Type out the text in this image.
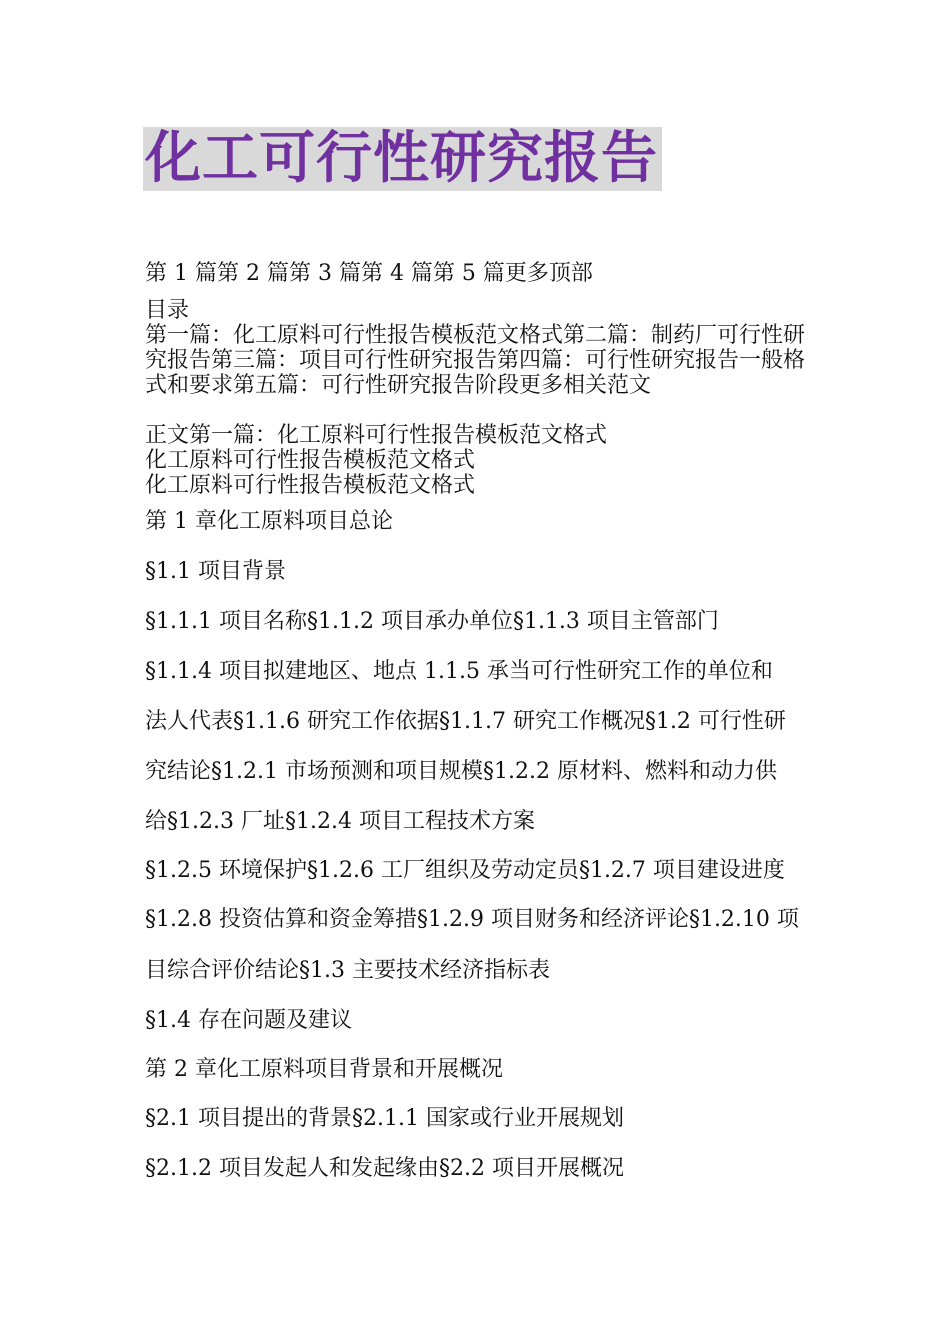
化工可行性研究报告
第 1 篇第 2 篇第 3 篇第 4 篇第 5 篇更多顶部
目录
第一篇：化工原料可行性报告模板范文格式第二篇：制药厂可行性研究报告第三篇：项目可行性研究报告第四篇：可行性研究报告一般格式和要求第五篇：可行性研究报告阶段更多相关范文
正文第一篇：化工原料可行性报告模板范文格式
化工原料可行性报告模板范文格式
化工原料可行性报告模板范文格式
第 1 章化工原料项目总论
§1.1 项目背景
§1.1.1 项目名称§1.1.2 项目承办单位§1.1.3 项目主管部门
§1.1.4 项目拟建地区、地点 1.1.5 承当可行性研究工作的单位和
法人代表§1.1.6 研究工作依据§1.1.7 研究工作概况§1.2 可行性研
究结论§1.2.1 市场预测和项目规模§1.2.2 原材料、燃料和动力供
给§1.2.3 厂址§1.2.4 项目工程技术方案
§1.2.5 环境保护§1.2.6 工厂组织及劳动定员§1.2.7 项目建设进度
§1.2.8 投资估算和资金筹措§1.2.9 项目财务和经济评论§1.2.10 项
目综合评价结论§1.3 主要技术经济指标表
§1.4 存在问题及建议
第 2 章化工原料项目背景和开展概况
§2.1 项目提出的背景§2.1.1 国家或行业开展规划
§2.1.2 项目发起人和发起缘由§2.2 项目开展概况
